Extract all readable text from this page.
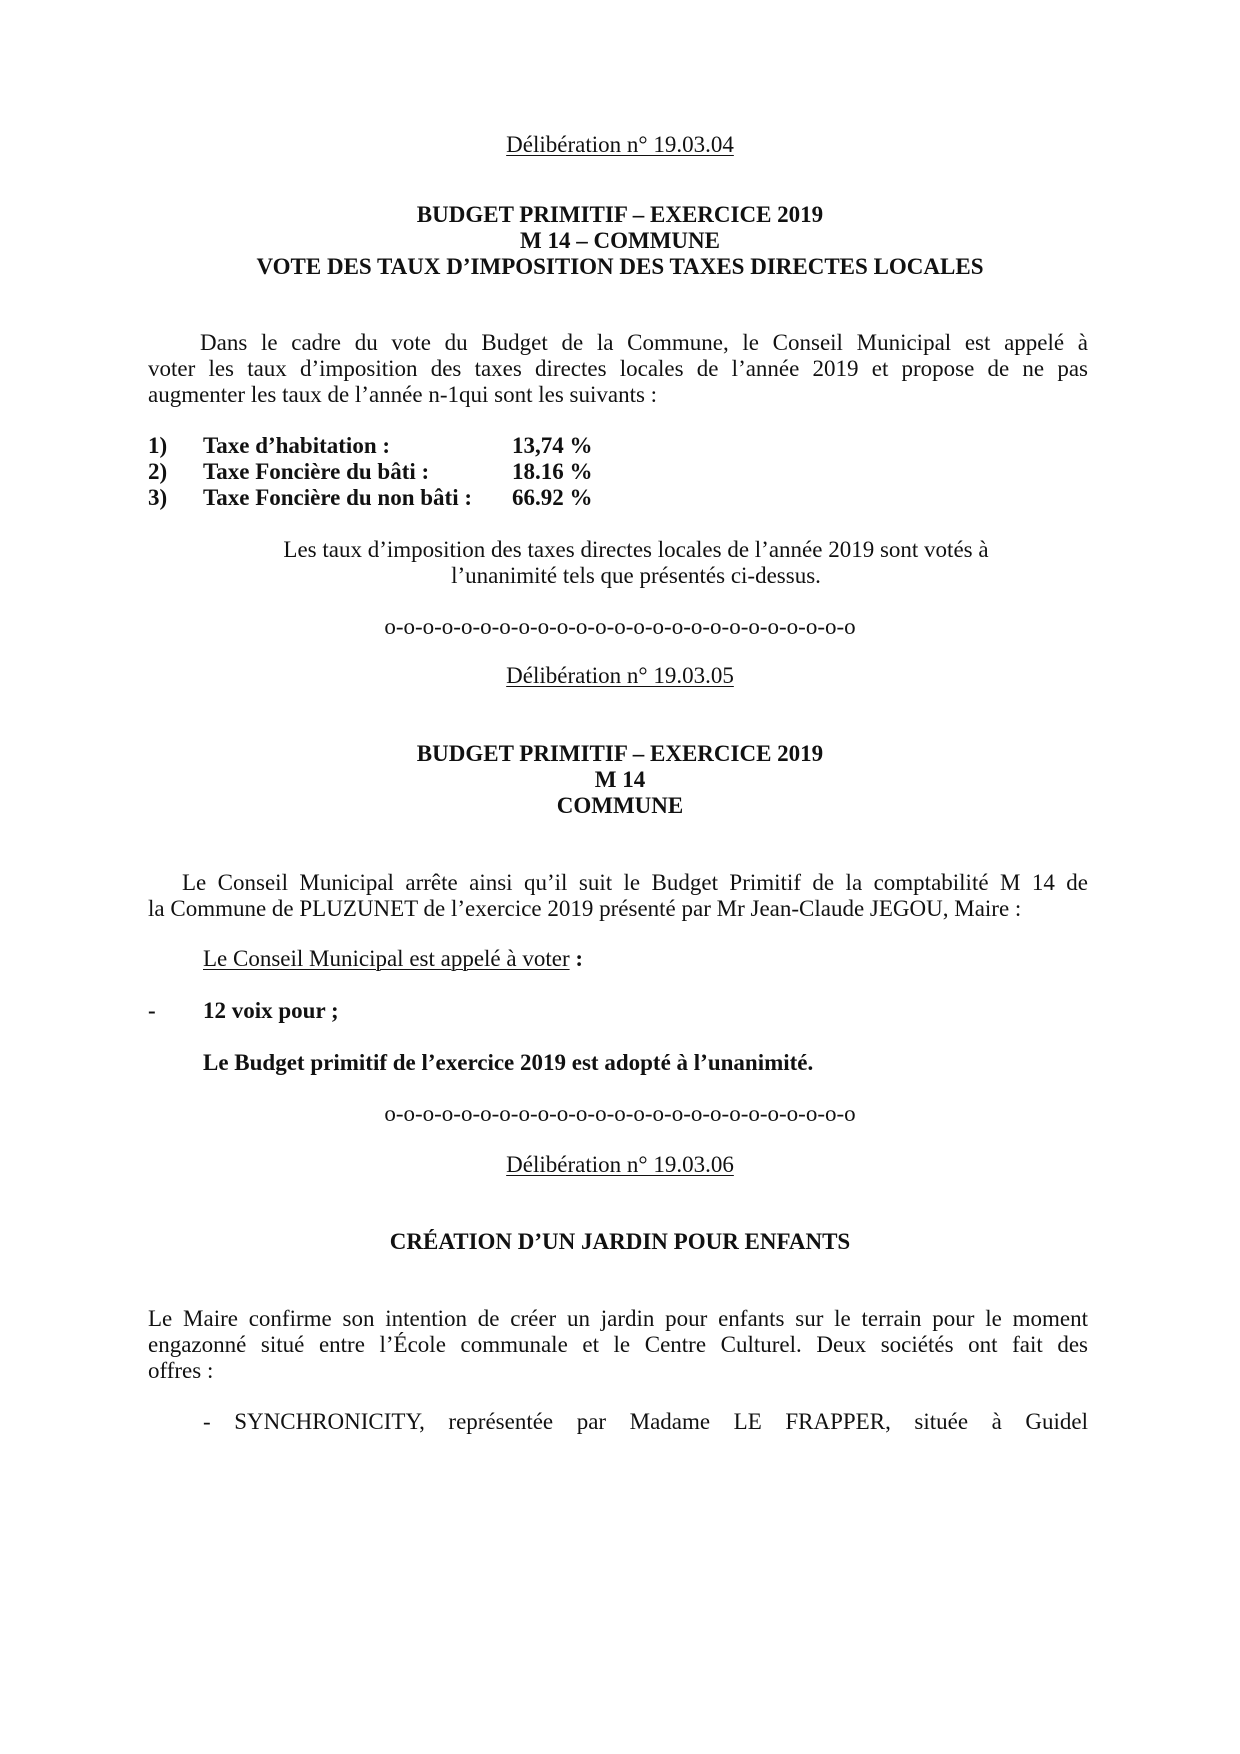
Délibération n° 19.03.04
BUDGET PRIMITIF – EXERCICE 2019
M 14 – COMMUNE
VOTE DES TAUX D’IMPOSITION DES TAXES DIRECTES LOCALES
Dans le cadre du vote du Budget de la Commune, le Conseil Municipal est appelé à
voter les taux d’imposition des taxes directes locales de l’année 2019 et propose de ne pas
augmenter les taux de l’année n-1qui sont les suivants :
1) Taxe d’habitation :	13,74 %
2) Taxe Foncière du bâti :	18.16 %
3) Taxe Foncière du non bâti : 66.92 %
Les taux d’imposition des taxes directes locales de l’année 2019 sont votés à
l’unanimité tels que présentés ci-dessus.
o-o-o-o-o-o-o-o-o-o-o-o-o-o-o-o-o-o-o-o-o-o-o-o-o
Délibération n° 19.03.05
BUDGET PRIMITIF – EXERCICE 2019
M 14
COMMUNE
Le Conseil Municipal arrête ainsi qu’il suit le Budget Primitif de la comptabilité M 14 de
la Commune de PLUZUNET de l’exercice 2019 présenté par Mr Jean-Claude JEGOU, Maire :
Le Conseil Municipal est appelé à voter :
- 12 voix pour ;
Le Budget primitif de l’exercice 2019 est adopté à l’unanimité.
o-o-o-o-o-o-o-o-o-o-o-o-o-o-o-o-o-o-o-o-o-o-o-o-o
Délibération n° 19.03.06
CRÉATION D’UN JARDIN POUR ENFANTS
Le Maire confirme son intention de créer un jardin pour enfants sur le terrain pour le moment
engazonné situé entre l’École communale et le Centre Culturel. Deux sociétés ont fait des
offres :
- SYNCHRONICITY, représentée par Madame LE FRAPPER, située à Guidel
